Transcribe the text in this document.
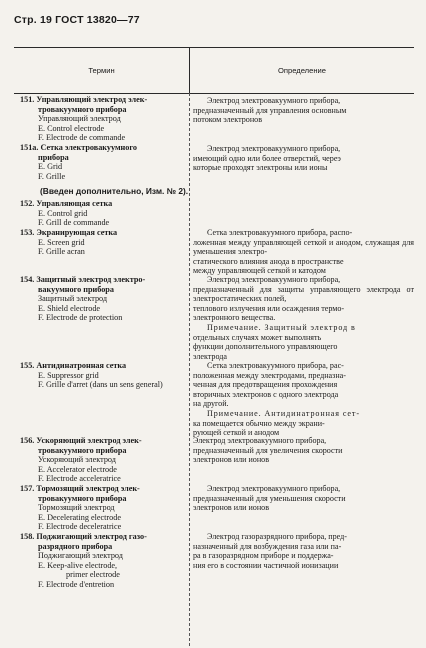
Стр. 19 ГОСТ 13820—77
Термин	Определение
151. Управляющий электрод элек-
тровакуумного прибора
Управляющий электрод
E. Control electrode
F. Electrode de commande
151а. Сетка электровакуумного
прибора
E. Grid
F. Grille
(Введен дополнительно, Изм. № 2).
152. Управляющая сетка
E. Control grid
F. Grill de commande
153. Экранирующая сетка
E. Screen grid
F. Grille acran
154. Защитный электрод электро-
вакуумного прибора
Защитный электрод
E. Shield electrode
F. Electrode de protection
155. Антидинатронная сетка
E. Suppressor grid
F. Grille d'arret (dans un sens general)
156. Ускоряющий электрод элек-
тровакуумного прибора
Ускоряющий электрод
E. Accelerator electrode
F. Electrode acceleratrice
157. Тормозящий электрод элек-
тровакуумного прибора
Тормозящий электрод
E. Decelerating electrode
F. Electrode deceleratrice
158. Поджигающий электрод газо-
разрядного прибора
Поджигающий электрод
E. Keep-alive electrode,
primer electrode
F. Electrode d'entretion
Электрод электровакуумного прибора,
предназначенный для управления основным
потоком электронов
Электрод электровакуумного прибора,
имеющий одно или более отверстий, череэ
которые проходят электроны или ионы
Сетка электровакуумного прибора, распо-
ложенная между управляющей сеткой и анодом, служащая для уменьшения электро-
статического влияния анода в пространстве
между управляющей сеткой и катодом
Электрод электровакуумного прибора,
предназначенный для защиты управляющего электрода от электростатических полей,
теплового излучения или осаждения термо-
электронного вещества.
Примечание. Защитный электрод в
отдельных случаях может выполнять
функции дополнительного управляющего
электрода
Сетка электровакуумного прибора, рас-
положенная между электродами, предназна-
ченная для предотвращения прохождения
вторичных электронов с одного электрода
на другой.
Примечание. Антидинатронная сет-
ка помещается обычно между экрани-
рующей сеткой и анодом
Электрод электровакуумного прибора,
предназначенный для увеличения скорости
электронов или ионов
Электрод электровакуумного прибора,
предназначенный для уменьшения скорости
электронов или ионов
Электрод газоразрядного прибора, пред-
назначенный для возбуждения газа или па-
ра в газоразрядном приборе и поддержа-
ния его в состоянии частичной ионизации
